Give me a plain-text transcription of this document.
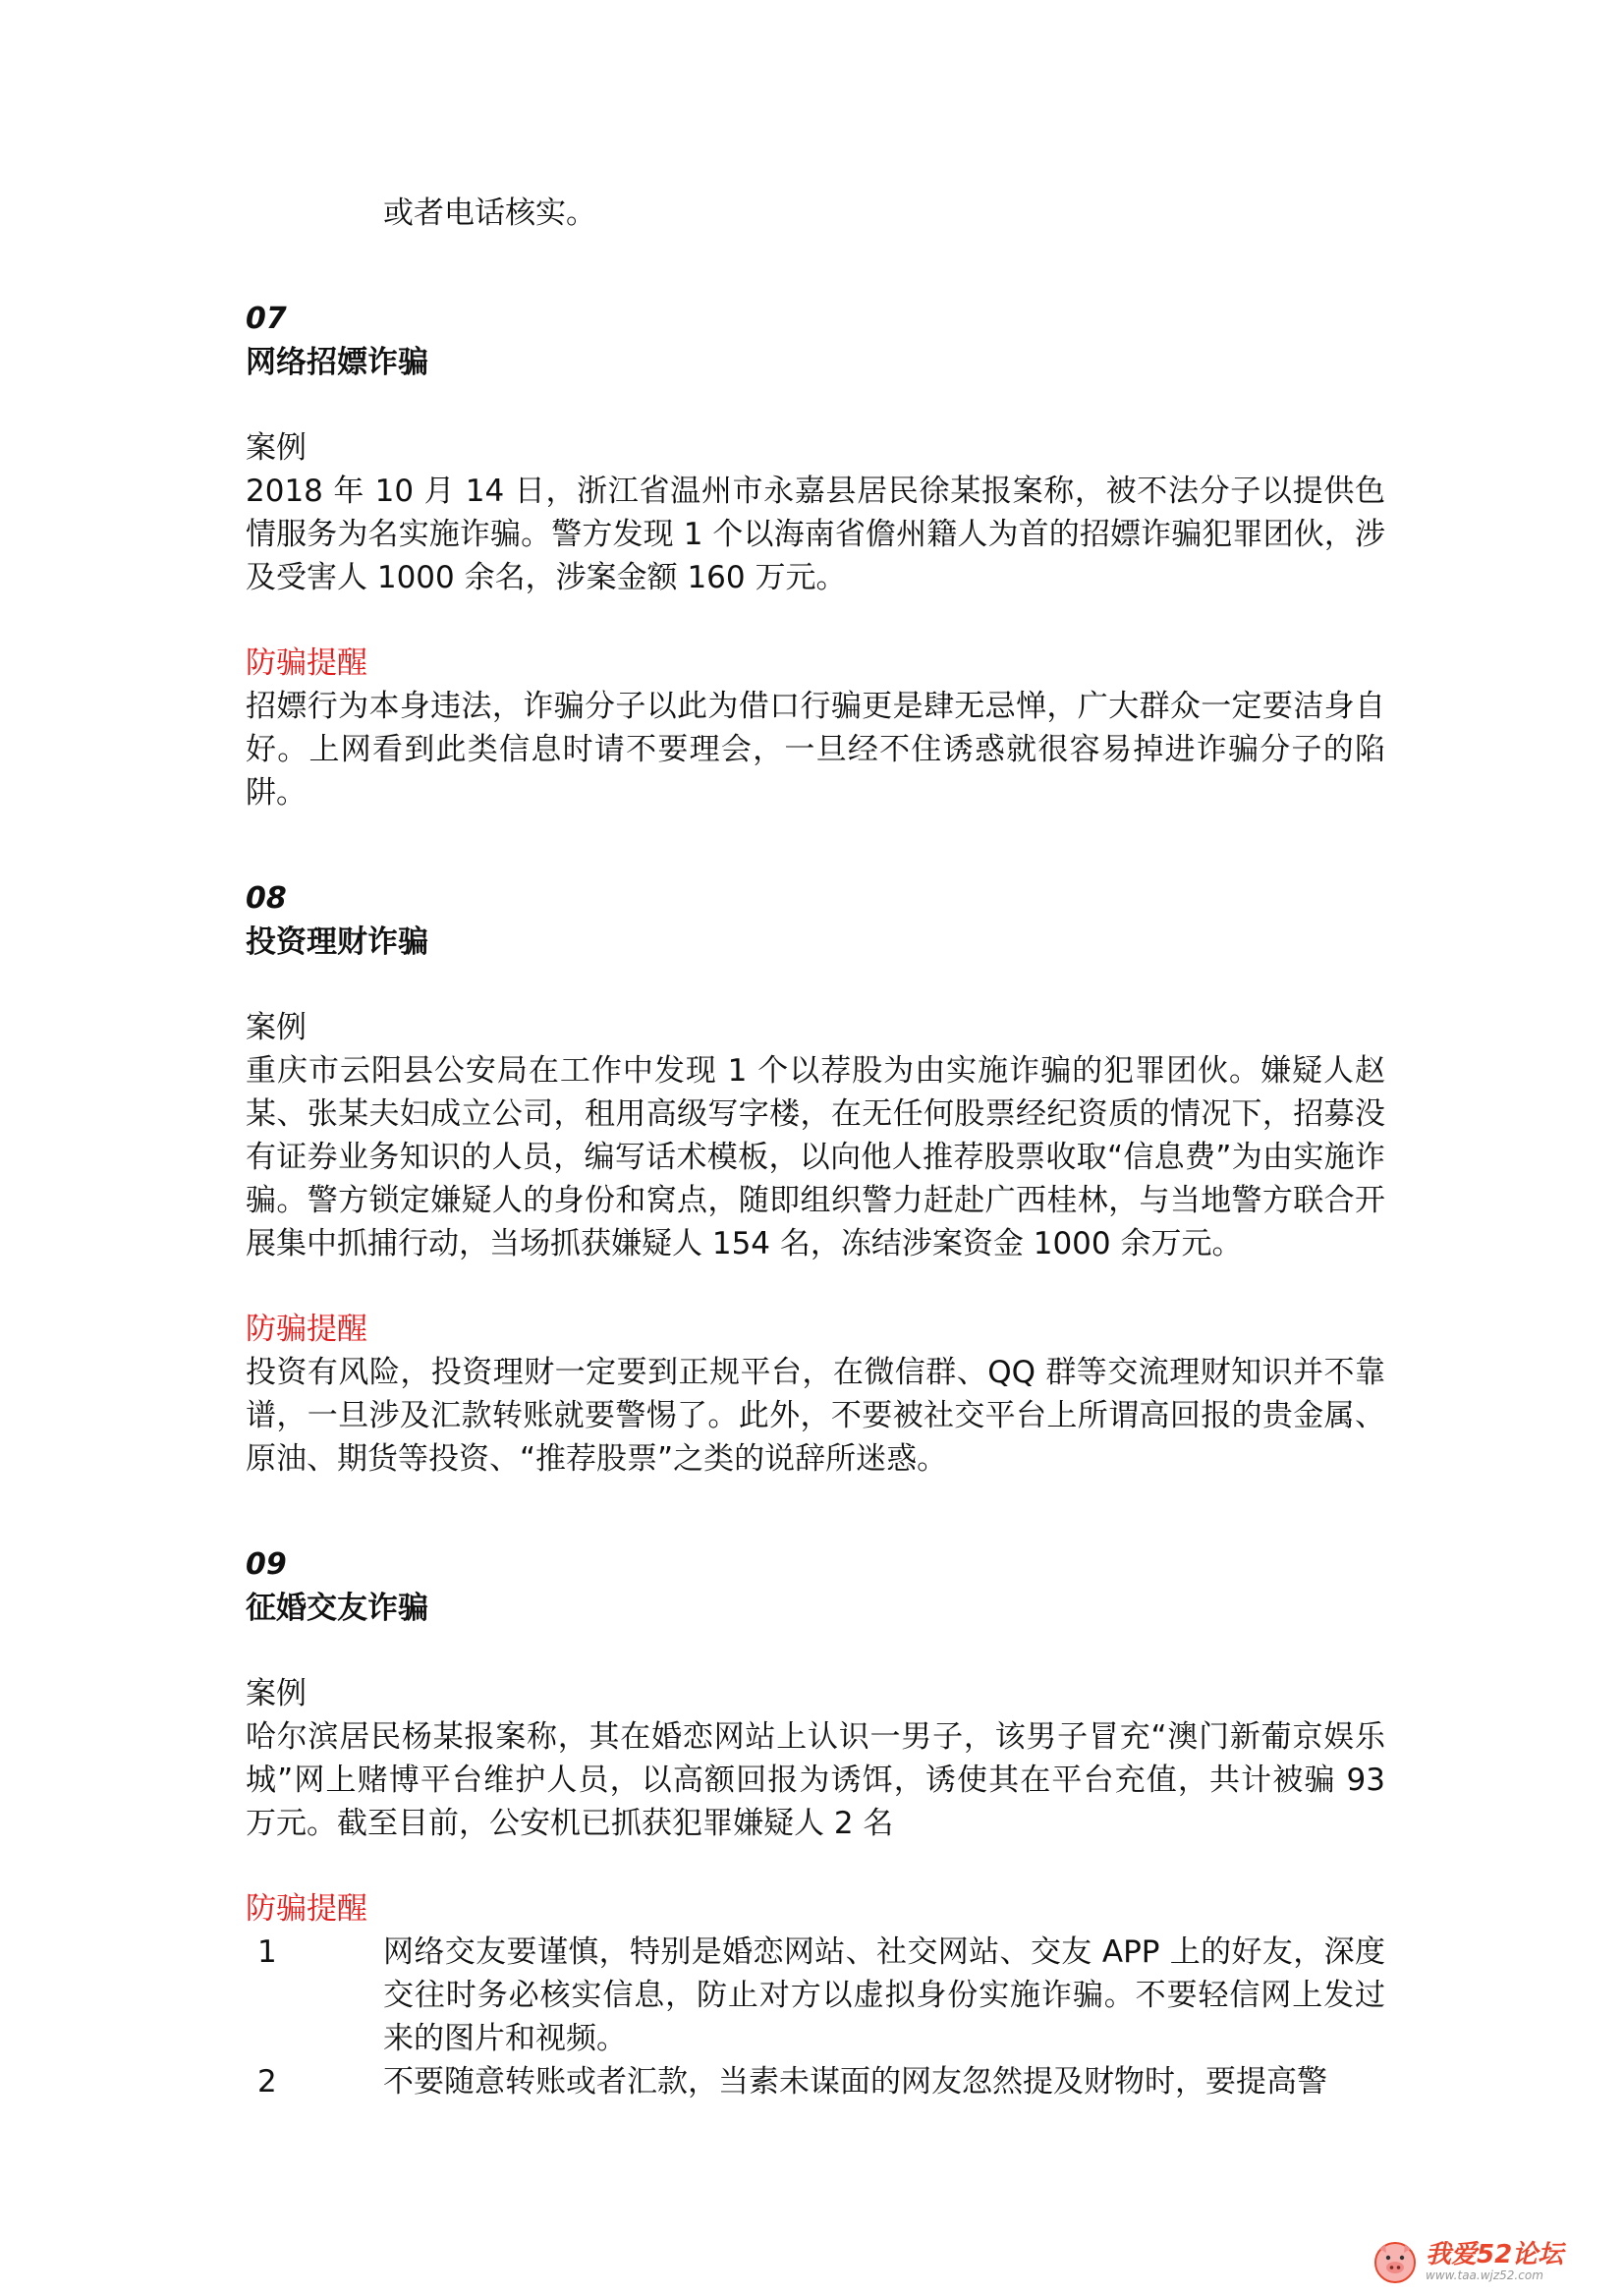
或者电话核实。
07
网络招嫖诈骗
案例
2018 年 10 月 14 日，浙江省温州市永嘉县居民徐某报案称，被不法分子以提供色情服务为名实施诈骗。警方发现 1 个以海南省儋州籍人为首的招嫖诈骗犯罪团伙，涉及受害人 1000 余名，涉案金额 160 万元。
防骗提醒
招嫖行为本身违法，诈骗分子以此为借口行骗更是肆无忌惮，广大群众一定要洁身自好。上网看到此类信息时请不要理会，一旦经不住诱惑就很容易掉进诈骗分子的陷阱。
08
投资理财诈骗
案例
重庆市云阳县公安局在工作中发现 1 个以荐股为由实施诈骗的犯罪团伙。嫌疑人赵某、张某夫妇成立公司，租用高级写字楼，在无任何股票经纪资质的情况下，招募没有证券业务知识的人员，编写话术模板，以向他人推荐股票收取“信息费”为由实施诈骗。警方锁定嫌疑人的身份和窝点，随即组织警力赶赴广西桂林，与当地警方联合开展集中抓捕行动，当场抓获嫌疑人 154 名，冻结涉案资金 1000 余万元。
防骗提醒
投资有风险，投资理财一定要到正规平台，在微信群、QQ 群等交流理财知识并不靠谱，一旦涉及汇款转账就要警惕了。此外，不要被社交平台上所谓高回报的贵金属、原油、期货等投资、“推荐股票”之类的说辞所迷惑。
09
征婚交友诈骗
案例
哈尔滨居民杨某报案称，其在婚恋网站上认识一男子，该男子冒充“澳门新葡京娱乐城”网上赌博平台维护人员，以高额回报为诱饵，诱使其在平台充值，共计被骗 93 万元。截至目前，公安机已抓获犯罪嫌疑人 2 名
防骗提醒
1	网络交友要谨慎，特别是婚恋网站、社交网站、交友 APP 上的好友，深度交往时务必核实信息，防止对方以虚拟身份实施诈骗。不要轻信网上发过来的图片和视频。
2	不要随意转账或者汇款，当素未谋面的网友忽然提及财物时，要提高警
我爱52论坛
www.taa.wjz52.com
